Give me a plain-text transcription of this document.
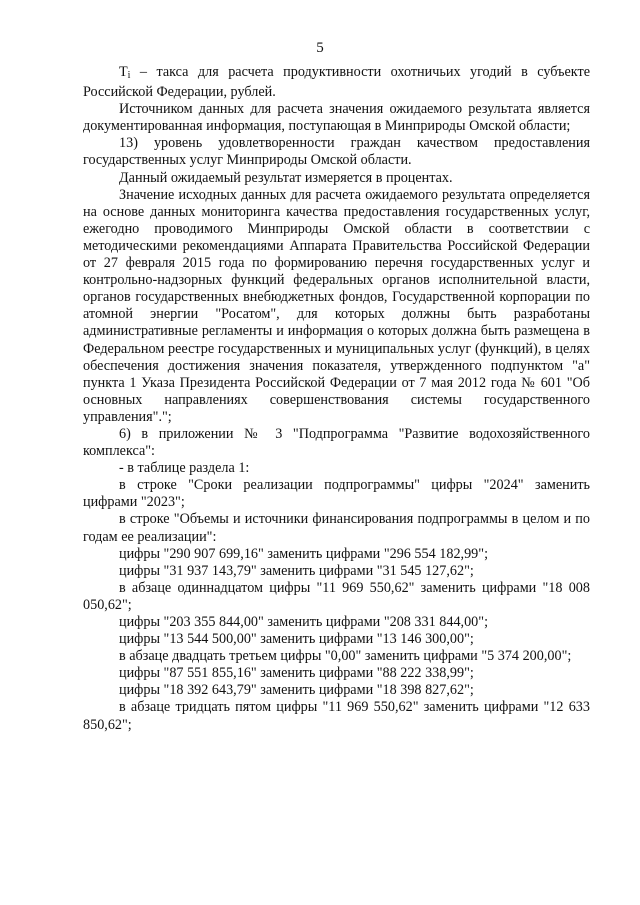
5

$T_i$ – такса для расчета продуктивности охотничьих угодий в субъекте Российской Федерации, рублей.

Источником данных для расчета значения ожидаемого результата является документированная информация, поступающая в Минприроды Омской области;

13) уровень удовлетворенности граждан качеством предоставления государственных услуг Минприроды Омской области.

Данный ожидаемый результат измеряется в процентах.

Значение исходных данных для расчета ожидаемого результата определяется на основе данных мониторинга качества предоставления государственных услуг, ежегодно проводимого Минприроды Омской области в соответствии с методическими рекомендациями Аппарата Правительства Российской Федерации от 27 февраля 2015 года по формированию перечня государственных услуг и контрольно-надзорных функций федеральных органов исполнительной власти, органов государственных внебюджетных фондов, Государственной корпорации по атомной энергии "Росатом", для которых должны быть разработаны административные регламенты и информация о которых должна быть размещена в Федеральном реестре государственных и муниципальных услуг (функций), в целях обеспечения достижения значения показателя, утвержденного подпунктом "а" пункта 1 Указа Президента Российской Федерации от 7 мая 2012 года № 601 "Об основных направлениях совершенствования системы государственного управления".";

6) в приложении № 3 "Подпрограмма "Развитие водохозяйственного комплекса":

- в таблице раздела 1:

в строке "Сроки реализации подпрограммы" цифры "2024" заменить цифрами "2023";

в строке "Объемы и источники финансирования подпрограммы в целом и по годам ее реализации":

цифры "290 907 699,16" заменить цифрами "296 554 182,99";

цифры "31 937 143,79" заменить цифрами "31 545 127,62";

в абзаце одиннадцатом цифры "11 969 550,62" заменить цифрами "18 008 050,62";

цифры "203 355 844,00" заменить цифрами "208 331 844,00";

цифры "13 544 500,00" заменить цифрами "13 146 300,00";

в абзаце двадцать третьем цифры "0,00" заменить цифрами "5 374 200,00";

цифры "87 551 855,16" заменить цифрами "88 222 338,99";

цифры "18 392 643,79" заменить цифрами "18 398 827,62";

в абзаце тридцать пятом цифры "11 969 550,62" заменить цифрами "12 633 850,62";
